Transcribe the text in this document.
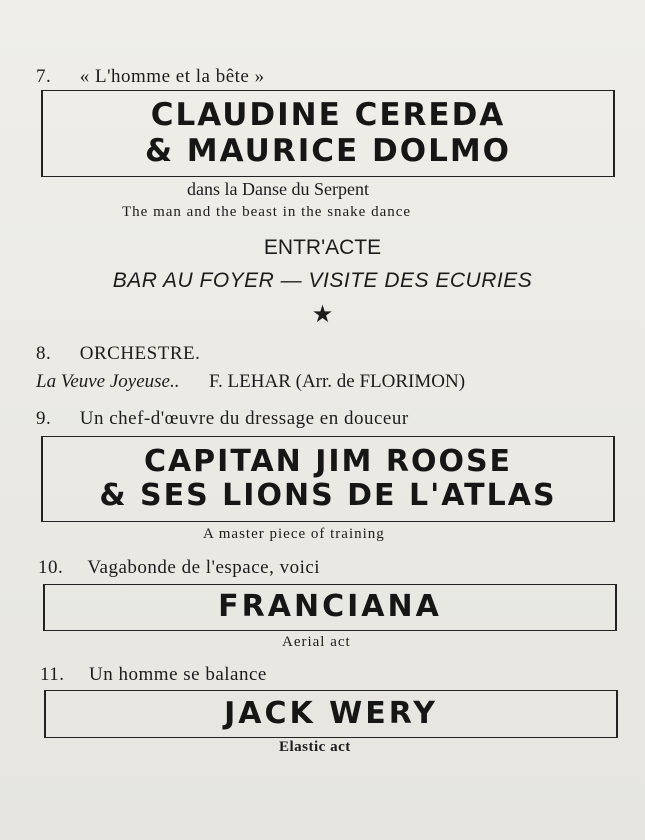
7. « L'homme et la bête »
CLAUDINE CEREDA
& MAURICE DOLMO
dans la Danse du Serpent
The man and the beast in the snake dance
ENTR'ACTE
BAR AU FOYER — VISITE DES ECURIES
★
8. ORCHESTRE.
La Veuve Joyeuse.. F. LEHAR (Arr. de FLORIMON)
9. Un chef-d'œuvre du dressage en douceur
CAPITAN JIM ROOSE
& SES LIONS DE L'ATLAS
A master piece of training
10. Vagabonde de l'espace, voici
FRANCIANA
Aerial act
11. Un homme se balance
JACK WERY
Elastic act
